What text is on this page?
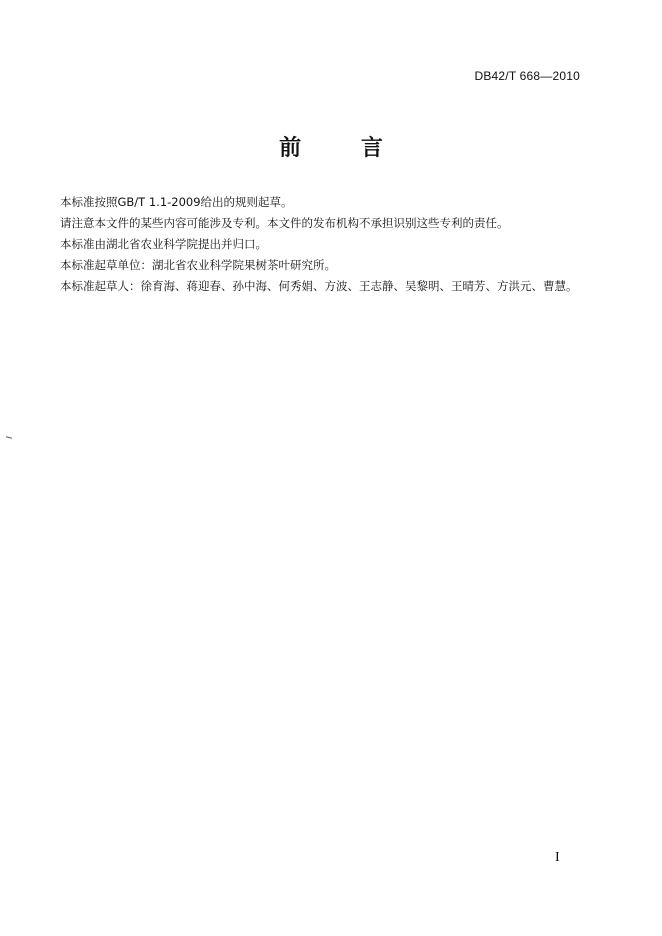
DB42/T 668—2010
前 言

本标准按照GB/T 1.1-2009给出的规则起草。

请注意本文件的某些内容可能涉及专利。本文件的发布机构不承担识别这些专利的责任。

本标准由湖北省农业科学院提出并归口。

本标准起草单位：湖北省农业科学院果树茶叶研究所。

本标准起草人：徐育海、蒋迎春、孙中海、何秀娟、方波、王志静、吴黎明、王晴芳、方洪元、曹慧。

I
